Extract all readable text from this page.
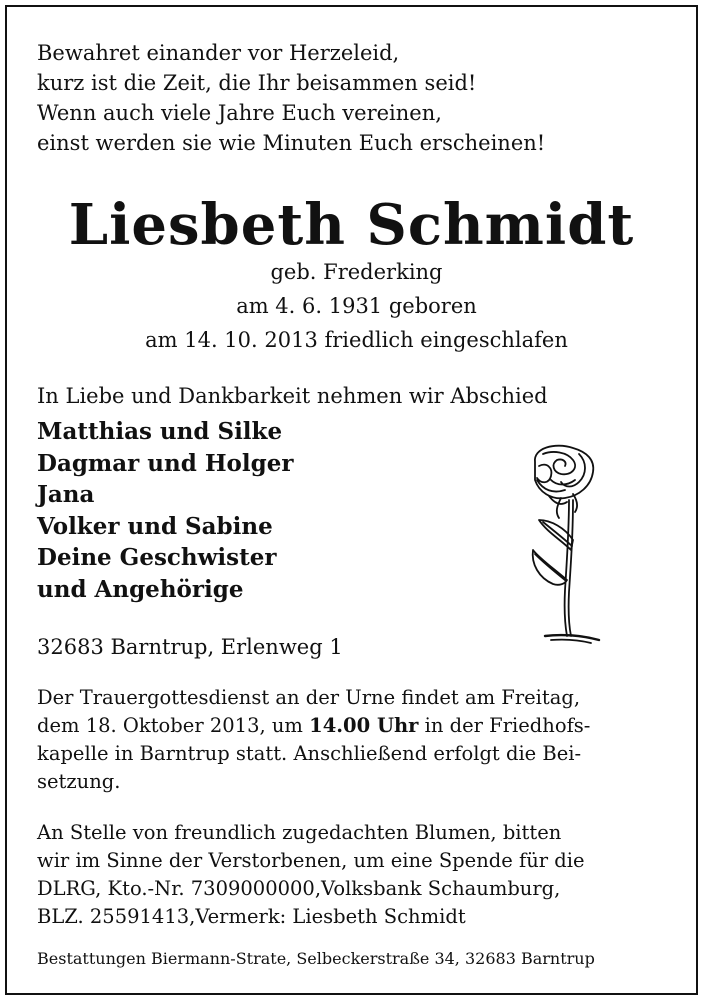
Bewahret einander vor Herzeleid,
kurz ist die Zeit, die Ihr beisammen seid!
Wenn auch viele Jahre Euch vereinen,
einst werden sie wie Minuten Euch erscheinen!
Liesbeth Schmidt
geb. Frederking
am 4. 6. 1931 geboren
am 14. 10. 2013 friedlich eingeschlafen
In Liebe und Dankbarkeit nehmen wir Abschied
Matthias und Silke
Dagmar und Holger
Jana
Volker und Sabine
Deine Geschwister
und Angehörige
32683 Barntrup, Erlenweg 1
Der Trauergottesdienst an der Urne findet am Freitag,
dem 18. Oktober 2013, um 14.00 Uhr in der Friedhofs-
kapelle in Barntrup statt. Anschließend erfolgt die Bei-
setzung.
An Stelle von freundlich zugedachten Blumen, bitten
wir im Sinne der Verstorbenen, um eine Spende für die
DLRG, Kto.-Nr. 7309000000,Volksbank Schaumburg,
BLZ. 25591413,Vermerk: Liesbeth Schmidt
Bestattungen Biermann-Strate, Selbeckerstraße 34, 32683 Barntrup
